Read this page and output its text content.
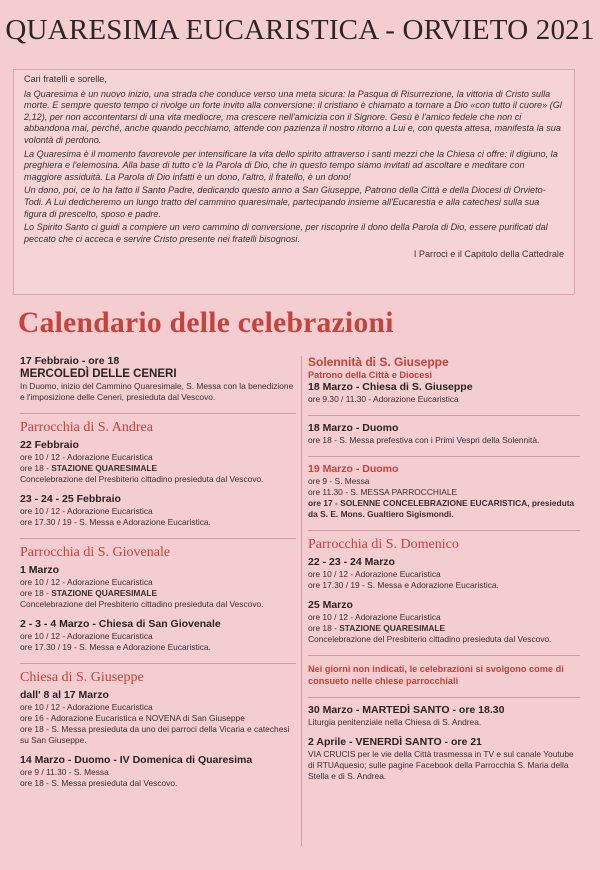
QUARESIMA EUCARISTICA - ORVIETO 2021

Cari fratelli e sorelle,

la Quaresima è un nuovo inizio, una strada che conduce verso una meta sicura: la Pasqua di Risurrezione, la vittoria di Cristo sulla morte. E sempre questo tempo ci rivolge un forte invito alla conversione: il cristiano è chiamato a tornare a Dio «con tutto il cuore» (Gl 2,12), per non accontentarsi di una vita mediocre, ma crescere nell'amicizia con il Signore. Gesù è l'amico fedele che non ci abbandona mai, perché, anche quando pecchiamo, attende con pazienza il nostro ritorno a Lui e, con questa attesa, manifesta la sua volontà di perdono.

La Quaresima è il momento favorevole per intensificare la vita dello spirito attraverso i santi mezzi che la Chiesa ci offre: il digiuno, la preghiera e l'elemosina. Alla base di tutto c'è la Parola di Dio, che in questo tempo siamo invitati ad ascoltare e meditare con maggiore assiduità. La Parola di Dio infatti è un dono, l'altro, il fratello, è un dono!

Un dono, poi, ce lo ha fatto il Santo Padre, dedicando questo anno a San Giuseppe, Patrono della Città e della Diocesi di Orvieto-Todi. A Lui dedicheremo un lungo tratto del cammino quaresimale, partecipando insieme all'Eucarestia e alla catechesi sulla sua figura di prescelto, sposo e padre.

Lo Spirito Santo ci guidi a compiere un vero cammino di conversione, per riscoprire il dono della Parola di Dio, essere purificati dal peccato che ci acceca e servire Cristo presente nei fratelli bisognosi.

I Parroci e il Capitolo della Cattedrale

Calendario delle celebrazioni
17 Febbraio - ore 18
MERCOLEDÌ DELLE CENERI
In Duomo, inizio del Cammino Quaresimale, S. Messa con la benedizione e l'imposizione delle Ceneri, presieduta dal Vescovo.
Parrocchia di S. Andrea
22 Febbraio
ore 10 / 12 - Adorazione Eucaristica
ore 18 - STAZIONE QUARESIMALE
Concelebrazione del Presbiterio cittadino presieduta dal Vescovo.
23 - 24 - 25 Febbraio
ore 10 / 12 - Adorazione Eucaristica
ore 17.30 / 19 - S. Messa e Adorazione Eucaristica.
Parrocchia di S. Giovenale
1 Marzo
ore 10 / 12 - Adorazione Eucaristica
ore 18 - STAZIONE QUARESIMALE
Concelebrazione del Presbiterio cittadino presieduta dal Vescovo.
2 - 3 - 4 Marzo - Chiesa di San Giovenale
ore 10 / 12 - Adorazione Eucaristica
ore 17.30 / 19 - S. Messa e Adorazione Eucaristica.
Chiesa di S. Giuseppe
dall' 8 al 17 Marzo
ore 10 / 12 - Adorazione Eucaristica
ore 16 - Adorazione Eucaristica e NOVENA di San Giuseppe
ore 18 - S. Messa presieduta da uno dei parroci della Vicaria e catechesi su San Giuseppe.
14 Marzo - Duomo - IV Domenica di Quaresima
ore 9 / 11.30 - S. Messa
ore 18 - S. Messa presieduta dal Vescovo.
Solennità di S. Giuseppe
Patrono della Città e Diocesi
18 Marzo - Chiesa di S. Giuseppe
ore 9.30 / 11.30 - Adorazione Eucaristica
18 Marzo - Duomo
ore 18 - S. Messa prefestiva con i Primi Vespri della Solennità.
19 Marzo - Duomo
ore 9 - S. Messa
ore 11.30 - S. MESSA PARROCCHIALE
ore 17 - SOLENNE CONCELEBRAZIONE EUCARISTICA, presieduta da S. E. Mons. Gualtiero Sigismondi.
Parrocchia di S. Domenico
22 - 23 - 24 Marzo
ore 10 / 12 - Adorazione Eucaristica
ore 17.30 / 19 - S. Messa e Adorazione Eucaristica.
25 Marzo
ore 10 / 12 - Adorazione Eucaristica
ore 18 - STAZIONE QUARESIMALE
Concelebrazione del Presbiterio cittadino presieduta dal Vescovo.
Nei giorni non indicati, le celebrazioni si svolgono come di consueto nelle chiese parrocchiali
30 Marzo - MARTEDÌ SANTO - ore 18.30
Liturgia penitenziale nella Chiesa di S. Andrea.
2 Aprile - VENERDÌ SANTO - ore 21
VIA CRUCIS per le vie della Città trasmessa in TV e sul canale Youtube di RTUAquesio; sulle pagine Facebook della Parrocchia S. Maria della Stella e di S. Andrea.
